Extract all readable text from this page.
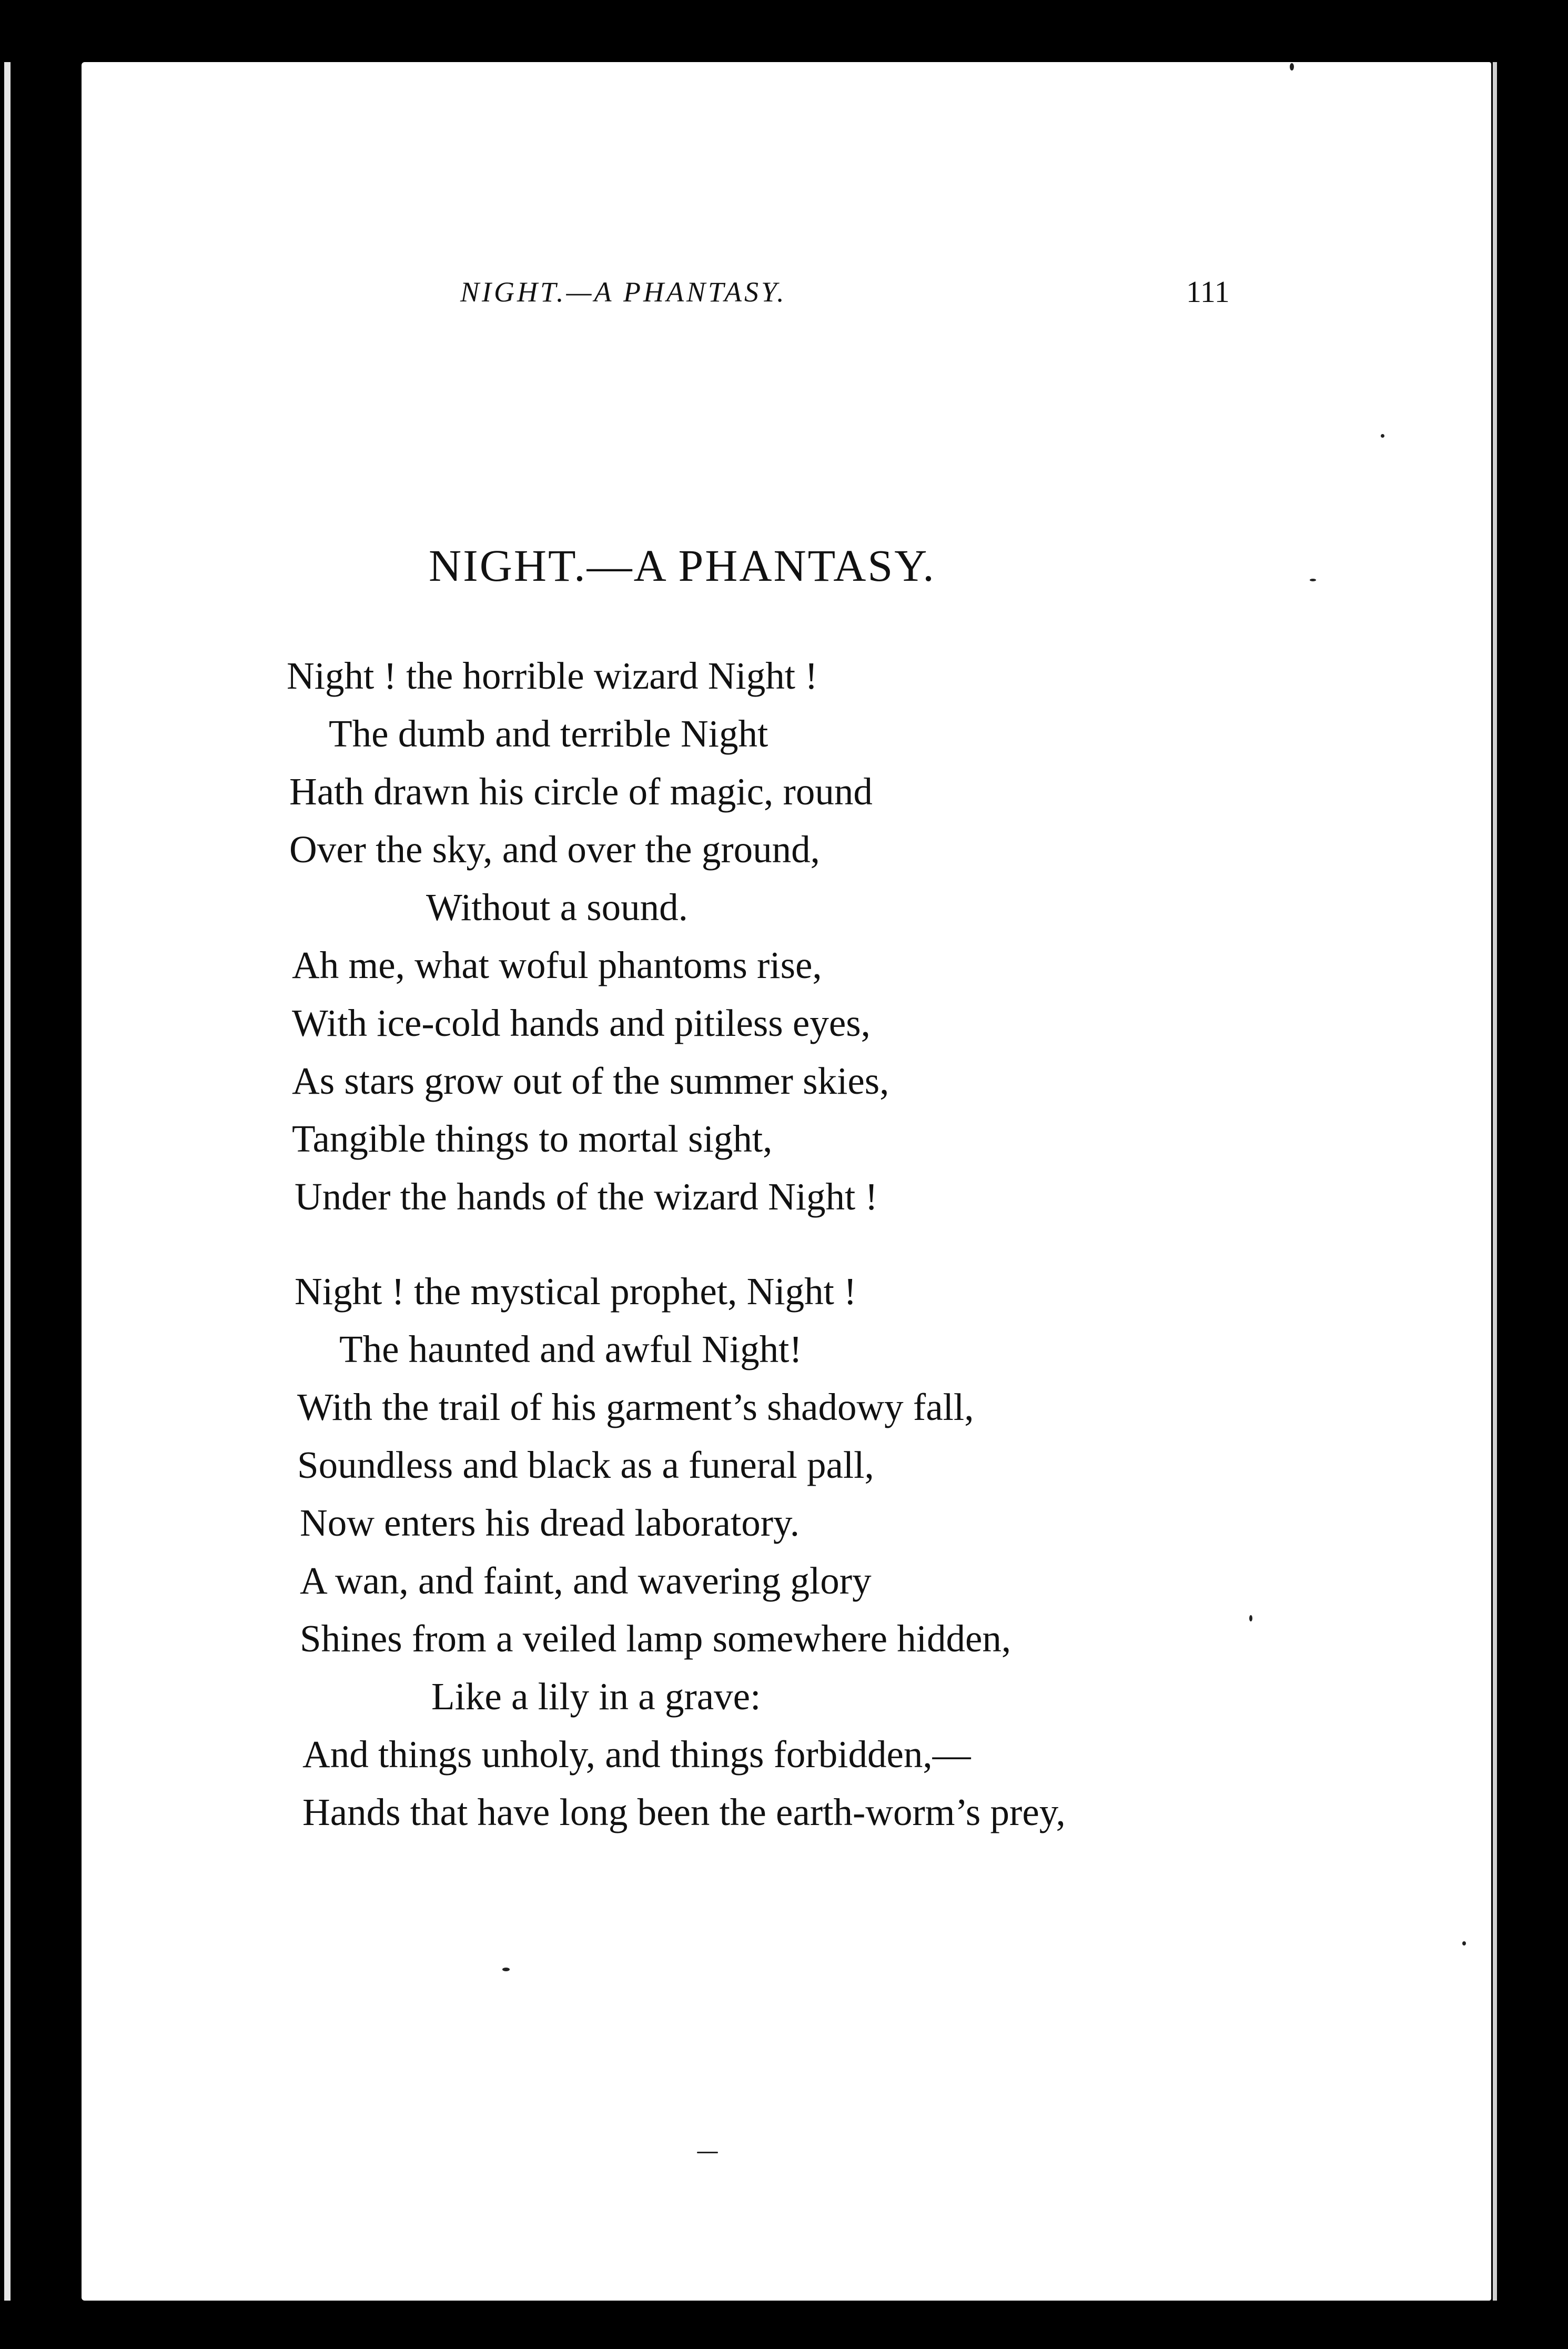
NIGHT.—A PHANTASY.	111
NIGHT.—A PHANTASY.
Night ! the horrible wizard Night !
The dumb and terrible Night
Hath drawn his circle of magic, round
Over the sky, and over the ground,
Without a sound.
Ah me, what woful phantoms rise,
With ice-cold hands and pitiless eyes,
As stars grow out of the summer skies,
Tangible things to mortal sight,
Under the hands of the wizard Night !
Night ! the mystical prophet, Night !
The haunted and awful Night!
With the trail of his garment’s shadowy fall,
Soundless and black as a funeral pall,
Now enters his dread laboratory.
A wan, and faint, and wavering glory
Shines from a veiled lamp somewhere hidden,
Like a lily in a grave:
And things unholy, and things forbidden,—
Hands that have long been the earth-worm’s prey,
